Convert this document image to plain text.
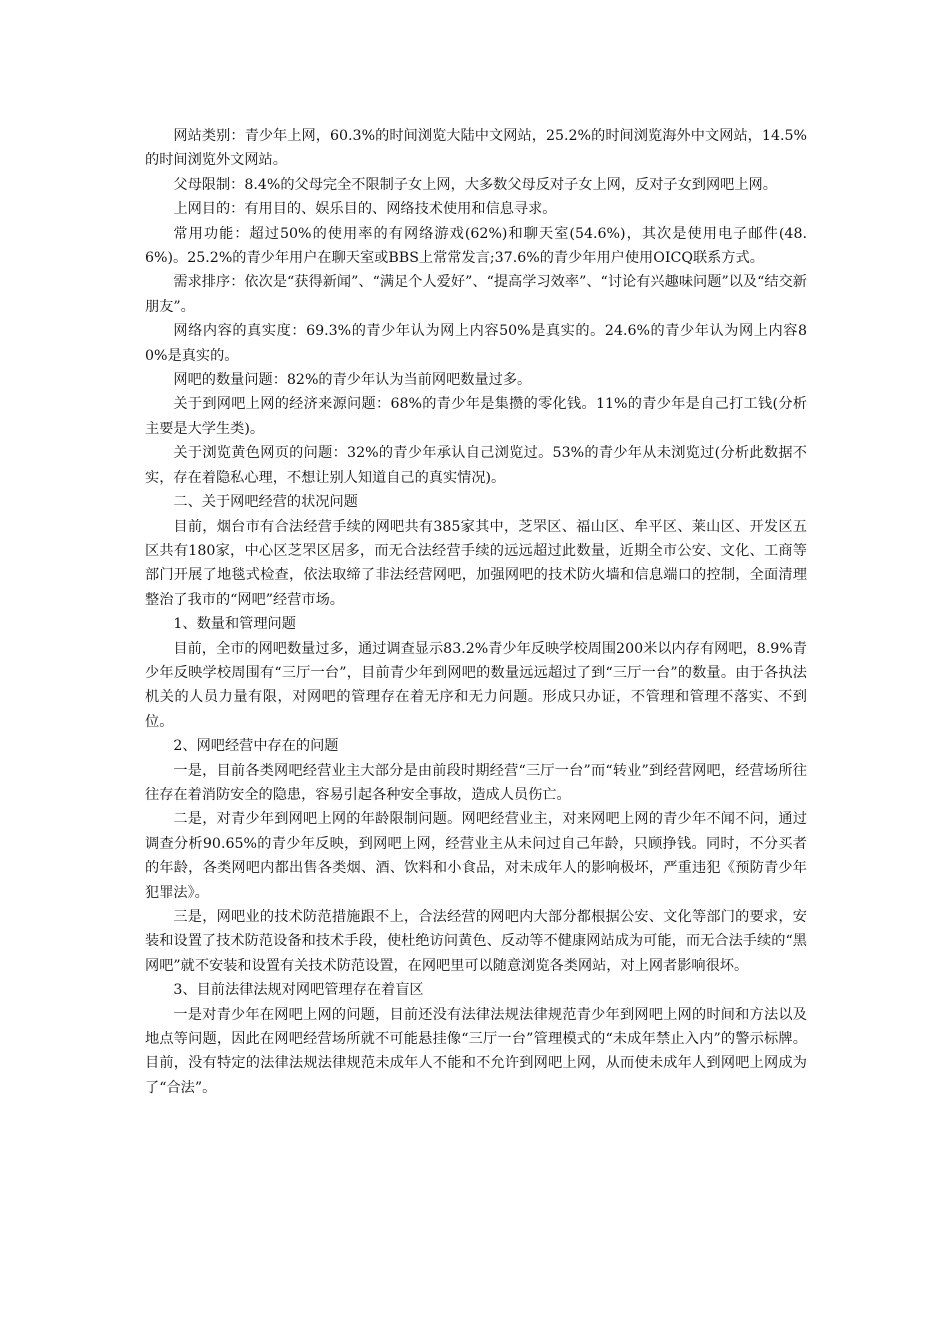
网站类别：青少年上网，60.3%的时间浏览大陆中文网站，25.2%的时间浏览海外中文网站，14.5%的时间浏览外文网站。

父母限制：8.4%的父母完全不限制子女上网，大多数父母反对子女上网，反对子女到网吧上网。

上网目的：有用目的、娱乐目的、网络技术使用和信息寻求。

常用功能：超过50%的使用率的有网络游戏(62%)和聊天室(54.6%)，其次是使用电子邮件(48.6%)。25.2%的青少年用户在聊天室或BBS上常常发言;37.6%的青少年用户使用OICQ联系方式。

需求排序：依次是“获得新闻”、“满足个人爱好”、“提高学习效率”、“讨论有兴趣味问题”以及“结交新朋友”。

网络内容的真实度：69.3%的青少年认为网上内容50%是真实的。24.6%的青少年认为网上内容80%是真实的。

网吧的数量问题：82%的青少年认为当前网吧数量过多。

关于到网吧上网的经济来源问题：68%的青少年是集攒的零化钱。11%的青少年是自己打工钱(分析主要是大学生类)。

关于浏览黄色网页的问题：32%的青少年承认自己浏览过。53%的青少年从未浏览过(分析此数据不实，存在着隐私心理，不想让别人知道自己的真实情况)。

二、关于网吧经营的状况问题

目前，烟台市有合法经营手续的网吧共有385家其中，芝罘区、福山区、牟平区、莱山区、开发区五区共有180家，中心区芝罘区居多，而无合法经营手续的远远超过此数量，近期全市公安、文化、工商等部门开展了地毯式检查，依法取缔了非法经营网吧，加强网吧的技术防火墙和信息端口的控制，全面清理整治了我市的“网吧”经营市场。

1、数量和管理问题

目前，全市的网吧数量过多，通过调查显示83.2%青少年反映学校周围200米以内存有网吧，8.9%青少年反映学校周围有“三厅一台”，目前青少年到网吧的数量远远超过了到“三厅一台”的数量。由于各执法机关的人员力量有限，对网吧的管理存在着无序和无力问题。形成只办证，不管理和管理不落实、不到位。

2、网吧经营中存在的问题

一是，目前各类网吧经营业主大部分是由前段时期经营“三厅一台”而“转业”到经营网吧，经营场所往往存在着消防安全的隐患，容易引起各种安全事故，造成人员伤亡。

二是，对青少年到网吧上网的年龄限制问题。网吧经营业主，对来网吧上网的青少年不闻不问，通过调查分析90.65%的青少年反映，到网吧上网，经营业主从未问过自己年龄，只顾挣钱。同时，不分买者的年龄，各类网吧内都出售各类烟、酒、饮料和小食品，对未成年人的影响极坏，严重违犯《预防青少年犯罪法》。

三是，网吧业的技术防范措施跟不上，合法经营的网吧内大部分都根据公安、文化等部门的要求，安装和设置了技术防范设备和技术手段，使杜绝访问黄色、反动等不健康网站成为可能，而无合法手续的“黑网吧”就不安装和设置有关技术防范设置，在网吧里可以随意浏览各类网站，对上网者影响很坏。

3、目前法律法规对网吧管理存在着盲区

一是对青少年在网吧上网的问题，目前还没有法律法规法律规范青少年到网吧上网的时间和方法以及地点等问题，因此在网吧经营场所就不可能悬挂像“三厅一台”管理模式的“未成年禁止入内”的警示标牌。目前，没有特定的法律法规法律规范未成年人不能和不允许到网吧上网，从而使未成年人到网吧上网成为了“合法”。
